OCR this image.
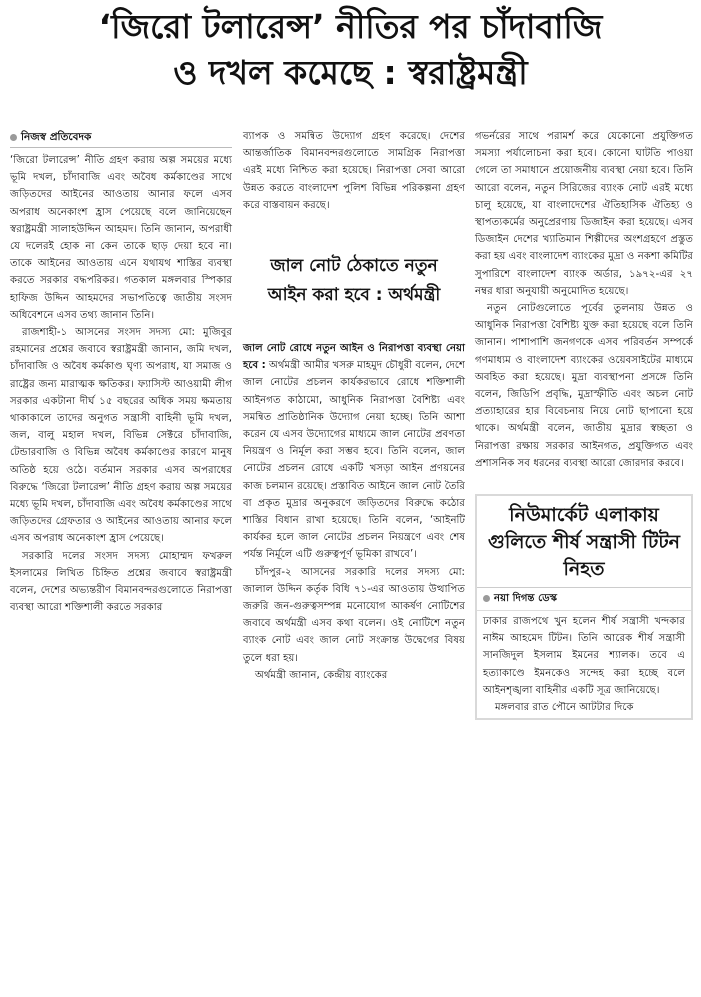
‘জিরো টলারেন্স’ নীতির পর চাঁদাবাজি
ও দখল কমেছে : স্বরাষ্ট্রমন্ত্রী
নিজস্ব প্রতিবেদক

‘জিরো টলারেন্স’ নীতি গ্রহণ করায় অল্প সময়ের মধ্যে ভূমি দখল, চাঁদাবাজি এবং অবৈধ কর্মকাণ্ডের সাথে জড়িতদের আইনের আওতায় আনার ফলে এসব অপরাধ অনেকাংশ হ্রাস পেয়েছে বলে জানিয়েছেন স্বরাষ্ট্রমন্ত্রী সালাহউদ্দিন আহমদ। তিনি জানান, অপরাধী যে দলেরই হোক না কেন তাকে ছাড় দেয়া হবে না। তাকে আইনের আওতায় এনে যথাযথ শাস্তির ব্যবস্থা করতে সরকার বদ্ধপরিকর। গতকাল মঙ্গলবার স্পিকার হাফিজ উদ্দিন আহমদের সভাপতিত্বে জাতীয় সংসদ অধিবেশনে এসব তথ্য জানান তিনি।

রাজশাহী-১ আসনের সংসদ সদস্য মো: মুজিবুর রহমানের প্রশ্নের জবাবে স্বরাষ্ট্রমন্ত্রী জানান, জমি দখল, চাঁদাবাজি ও অবৈধ কর্মকাণ্ড ঘৃণ্য অপরাধ, যা সমাজ ও রাষ্ট্রের জন্য মারাত্মক ক্ষতিকর। ফ্যাসিস্ট আওয়ামী লীগ সরকার একটানা দীর্ঘ ১৫ বছরের অধিক সময় ক্ষমতায় থাকাকালে তাদের অনুগত সন্ত্রাসী বাহিনী ভূমি দখল, জল, বালু মহাল দখল, বিভিন্ন সেক্টরে চাঁদাবাজি, টেন্ডারবাজি ও বিভিন্ন অবৈধ কর্মকাণ্ডের কারণে মানুষ অতিষ্ঠ হয়ে ওঠে। বর্তমান সরকার এসব অপরাধের বিরুদ্ধে ‘জিরো টলারেন্স’ নীতি গ্রহণ করায় অল্প সময়ের মধ্যে ভূমি দখল, চাঁদাবাজি এবং অবৈধ কর্মকাণ্ডের সাথে জড়িতদের গ্রেফতার ও আইনের আওতায় আনার ফলে এসব অপরাধ অনেকাংশ হ্রাস পেয়েছে।

সরকারি দলের সংসদ সদস্য মোহাম্মদ ফখরুল ইসলামের লিখিত চিহ্নিত প্রশ্নের জবাবে স্বরাষ্ট্রমন্ত্রী বলেন, দেশের অভ্যন্তরীণ বিমানবন্দরগুলোতে নিরাপত্তা ব্যবস্থা আরো শক্তিশালী করতে সরকার

ব্যাপক ও সমন্বিত উদ্যোগ গ্রহণ করেছে। দেশের আন্তর্জাতিক বিমানবন্দরগুলোতে সামগ্রিক নিরাপত্তা এরই মধ্যে নিশ্চিত করা হয়েছে। নিরাপত্তা সেবা আরো উন্নত করতে বাংলাদেশ পুলিশ বিভিন্ন পরিকল্পনা গ্রহণ করে বাস্তবায়ন করছে।

জাল নোট ঠেকাতে নতুন আইন করা হবে : অর্থমন্ত্রী

জাল নোট রোধে নতুন আইন ও নিরাপত্তা ব্যবস্থা নেয়া হবে : অর্থমন্ত্রী আমীর খসরু মাহমুদ চৌধুরী বলেন, দেশে জাল নোটের প্রচলন কার্যকরভাবে রোধে শক্তিশালী আইনগত কাঠামো, আধুনিক নিরাপত্তা বৈশিষ্ট্য এবং সমন্বিত প্রাতিষ্ঠানিক উদ্যোগ নেয়া হচ্ছে। তিনি আশা করেন যে এসব উদ্যোগের মাধ্যমে জাল নোটের প্রবণতা নিয়ন্ত্রণ ও নির্মূল করা সম্ভব হবে। তিনি বলেন, জাল নোটের প্রচলন রোধে একটি খসড়া আইন প্রণয়নের কাজ চলমান রয়েছে। প্রস্তাবিত আইনে জাল নোট তৈরি বা প্রকৃত মুদ্রার অনুকরণে জড়িতদের বিরুদ্ধে কঠোর শাস্তির বিধান রাখা হয়েছে। তিনি বলেন, ‘আইনটি কার্যকর হলে জাল নোটের প্রচলন নিয়ন্ত্রণে এবং শেষ পর্যন্ত নির্মূলে এটি গুরুত্বপূর্ণ ভূমিকা রাখবে’।

চাঁদপুর-২ আসনের সরকারি দলের সদস্য মো: জালাল উদ্দিন কর্তৃক বিধি ৭১-এর আওতায় উত্থাপিত জরুরি জন-গুরুত্বসম্পন্ন মনোযোগ আকর্ষণ নোটিশের জবাবে অর্থমন্ত্রী এসব কথা বলেন। ওই নোটিশে নতুন ব্যাংক নোট এবং জাল নোট সংক্রান্ত উদ্বেগের বিষয় তুলে ধরা হয়।

অর্থমন্ত্রী জানান, কেন্দ্রীয় ব্যাংকের

গভর্নরের সাথে পরামর্শ করে যেকোনো প্রযুক্তিগত সমস্যা পর্যালোচনা করা হবে। কোনো ঘাটতি পাওয়া গেলে তা সমাধানে প্রয়োজনীয় ব্যবস্থা নেয়া হবে। তিনি আরো বলেন, নতুন সিরিজের ব্যাংক নোট এরই মধ্যে চালু হয়েছে, যা বাংলাদেশের ঐতিহাসিক ঐতিহ্য ও স্থাপত্যকর্মের অনুপ্রেরণায় ডিজাইন করা হয়েছে। এসব ডিজাইন দেশের খ্যাতিমান শিল্পীদের অংশগ্রহণে প্রস্তুত করা হয় এবং বাংলাদেশ ব্যাংকের মুদ্রা ও নকশা কমিটির সুপারিশে বাংলাদেশ ব্যাংক অর্ডার, ১৯৭২-এর ২৭ নম্বর ধারা অনুযায়ী অনুমোদিত হয়েছে।

নতুন নোটগুলোতে পূর্বের তুলনায় উন্নত ও আধুনিক নিরাপত্তা বৈশিষ্ট্য যুক্ত করা হয়েছে বলে তিনি জানান। পাশাপাশি জনগণকে এসব পরিবর্তন সম্পর্কে গণমাধ্যম ও বাংলাদেশ ব্যাংকের ওয়েবসাইটের মাধ্যমে অবহিত করা হয়েছে। মুদ্রা ব্যবস্থাপনা প্রসঙ্গে তিনি বলেন, জিডিপি প্রবৃদ্ধি, মুদ্রাস্ফীতি এবং অচল নোট প্রত্যাহারের হার বিবেচনায় নিয়ে নোট ছাপানো হয়ে থাকে। অর্থমন্ত্রী বলেন, জাতীয় মুদ্রার স্বচ্ছতা ও নিরাপত্তা রক্ষায় সরকার আইনগত, প্রযুক্তিগত এবং প্রশাসনিক সব ধরনের ব্যবস্থা আরো জোরদার করবে।

নিউমার্কেট এলাকায় গুলিতে শীর্ষ সন্ত্রাসী টিটন নিহত
নয়া দিগন্ত ডেস্ক

ঢাকার রাজপথে খুন হলেন শীর্ষ সন্ত্রাসী খন্দকার নাঈম আহমেদ টিটন। তিনি আরেক শীর্ষ সন্ত্রাসী সানজিদুল ইসলাম ইমনের শ্যালক। তবে এ হত্যাকাণ্ডে ইমনকেও সন্দেহ করা হচ্ছে বলে আইনশৃঙ্খলা বাহিনীর একটি সূত্র জানিয়েছে।

মঙ্গলবার রাত পৌনে আটটার দিকে
